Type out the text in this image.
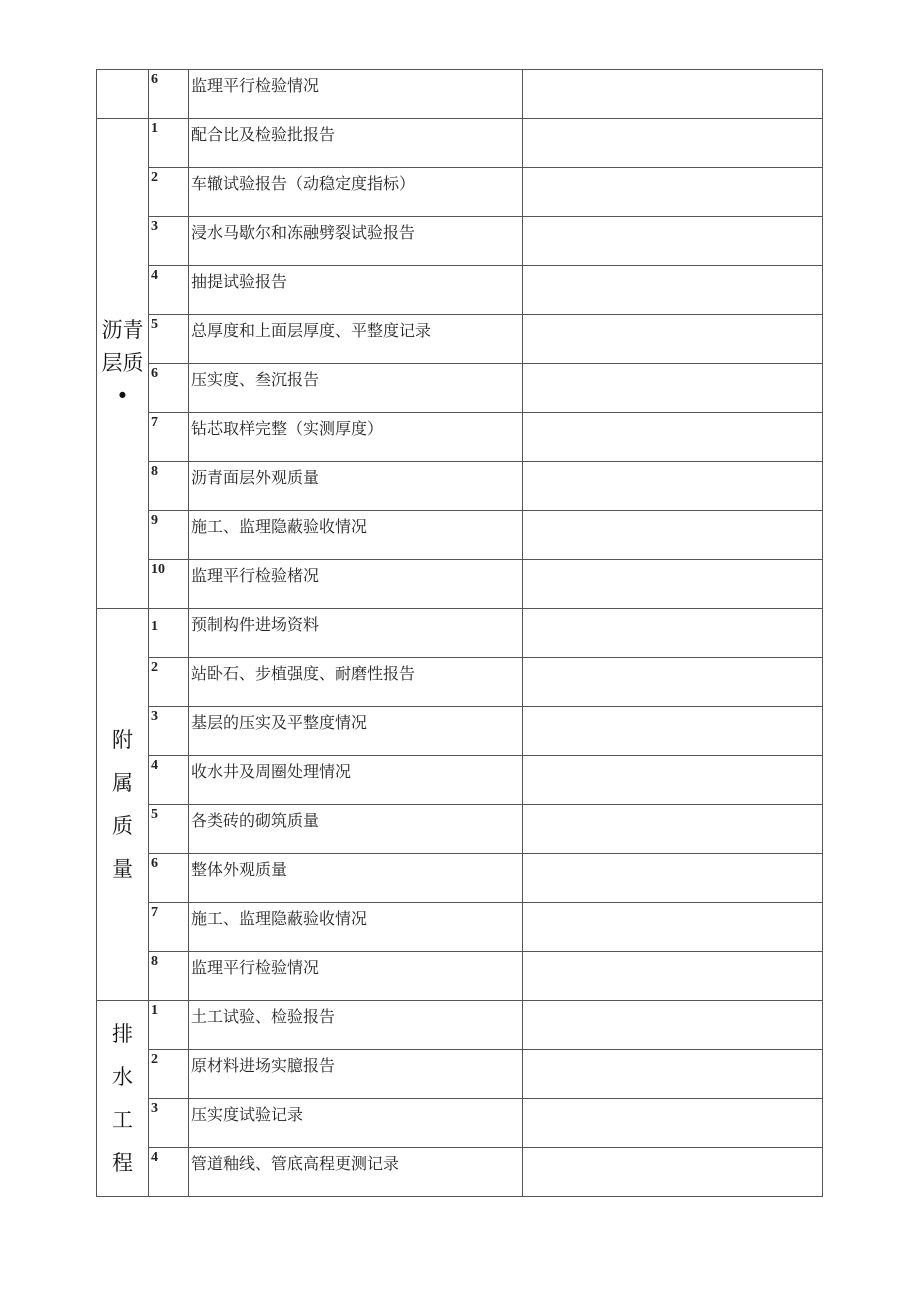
	6	监理平行检验情况	

沥青
层质
•	1	配合比及检验批报告	
	2	车辙试验报告（动稳定度指标）	
	3	浸水马歇尔和冻融劈裂试验报告	
	4	抽提试验报告	
	5	总厚度和上面层厚度、平整度记录	
	6	压实度、叁沉报告	
	7	钻芯取样完整（实测厚度）	
	8	沥青面层外观质量	
	9	施工、监理隐蔽验收情况	
	10	监理平行检验楮况	

附
属
质
量	1	预制构件进场资料	
	2	站卧石、步植强度、耐磨性报告	
	3	基层的压实及平整度情况	
	4	收水井及周圈处理情况	
	5	各类砖的砌筑质量	
	6	整体外观质量	
	7	施工、监理隐蔽验收情况	
	8	监理平行检验情况	

排
水
工
程	1	土工试验、检验报告	
	2	原材料进场实臆报告	
	3	压实度试验记录	
	4	管道釉线、管底高程更测记录	
